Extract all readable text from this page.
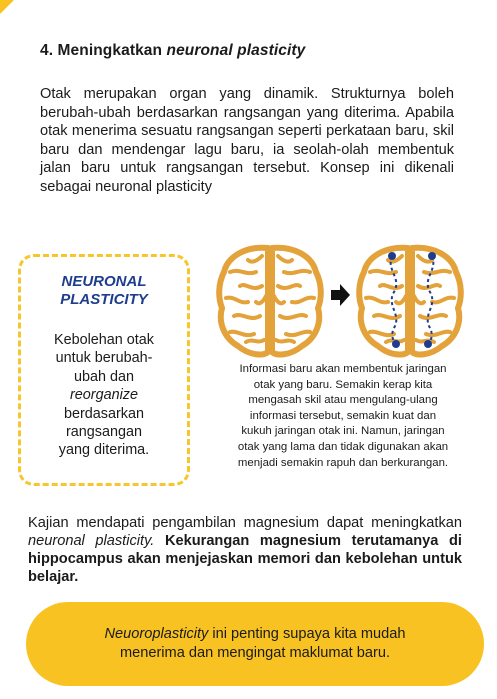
4. Meningkatkan neuronal plasticity

Otak merupakan organ yang dinamik. Strukturnya boleh berubah-ubah berdasarkan rangsangan yang diterima. Apabila otak menerima sesuatu rangsangan seperti perkataan baru, skil baru dan mendengar lagu baru, ia seolah-olah membentuk jalan baru untuk rangsangan tersebut. Konsep ini dikenali sebagai neuronal plasticity

NEURONAL
PLASTICITY
Kebolehan otak
untuk berubah-
ubah dan
reorganize
berdasarkan
rangsangan
yang diterima.

Informasi baru akan membentuk jaringan
otak yang baru. Semakin kerap kita
mengasah skil atau mengulang-ulang
informasi tersebut, semakin kuat dan
kukuh jaringan otak ini. Namun, jaringan
otak yang lama dan tidak digunakan akan
menjadi semakin rapuh dan berkurangan.

Kajian mendapati pengambilan magnesium dapat meningkatkan neuronal plasticity. Kekurangan magnesium terutamanya di hippocampus akan menjejaskan memori dan kebolehan untuk belajar.

Neuoroplasticity ini penting supaya kita mudah
menerima dan mengingat maklumat baru.
